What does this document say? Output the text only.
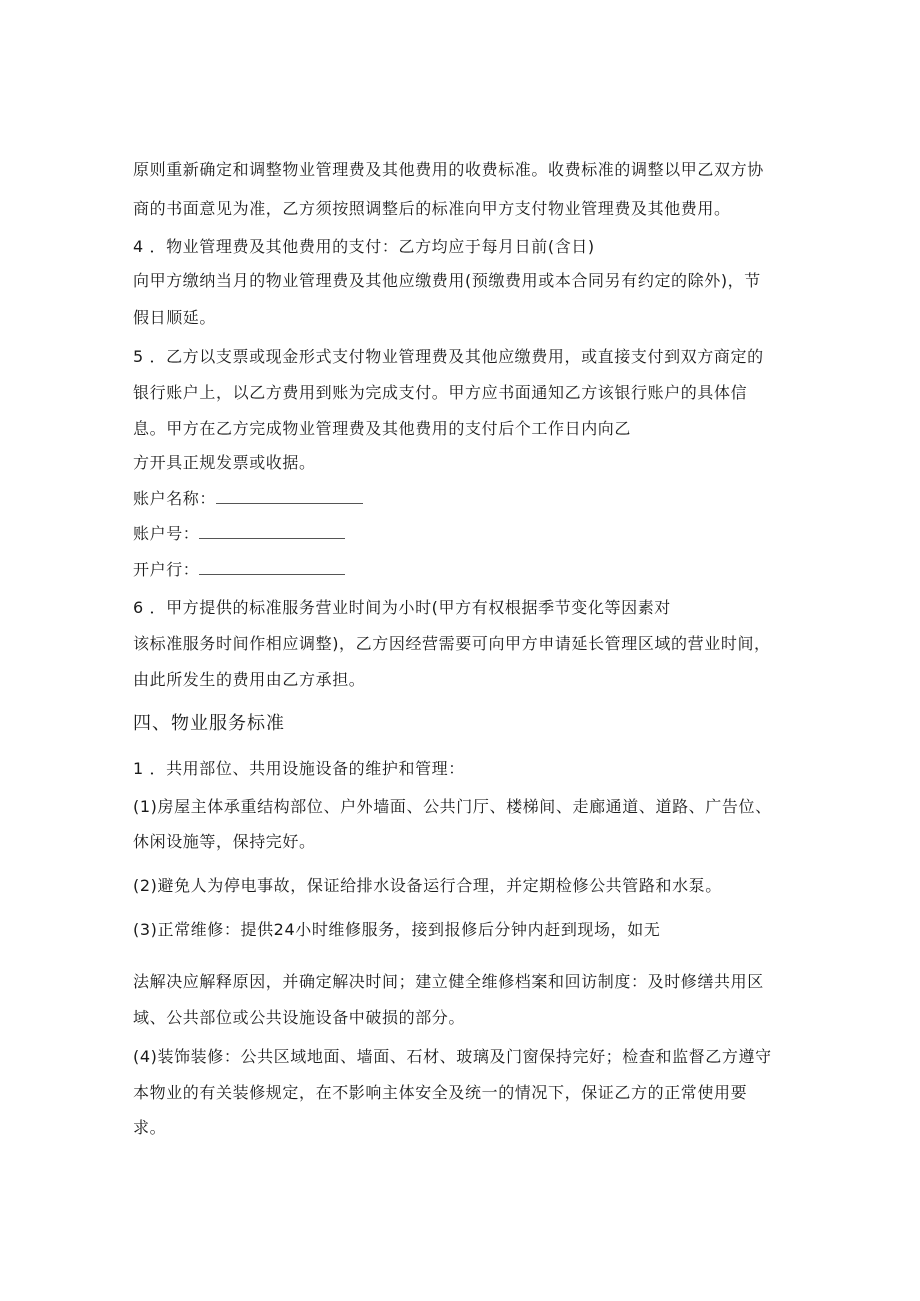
原则重新确定和调整物业管理费及其他费用的收费标准。收费标准的调整以甲乙双方协
商的书面意见为准，乙方须按照调整后的标准向甲方支付物业管理费及其他费用。
4 ．物业管理费及其他费用的支付：乙方均应于每月日前(含日)
向甲方缴纳当月的物业管理费及其他应缴费用(预缴费用或本合同另有约定的除外)，节
假日顺延。
5 ．乙方以支票或现金形式支付物业管理费及其他应缴费用，或直接支付到双方商定的
银行账户上，以乙方费用到账为完成支付。甲方应书面通知乙方该银行账户的具体信
息。甲方在乙方完成物业管理费及其他费用的支付后个工作日内向乙
方开具正规发票或收据。
账户名称：
账户号：
开户行：
6 ．甲方提供的标准服务营业时间为小时(甲方有权根据季节变化等因素对
该标准服务时间作相应调整)，乙方因经营需要可向甲方申请延长管理区域的营业时间，
由此所发生的费用由乙方承担。
四、物业服务标准
1 ．共用部位、共用设施设备的维护和管理：
(1)房屋主体承重结构部位、户外墙面、公共门厅、楼梯间、走廊通道、道路、广告位、
休闲设施等，保持完好。
(2)避免人为停电事故，保证给排水设备运行合理，并定期检修公共管路和水泵。
(3)正常维修：提供24小时维修服务，接到报修后分钟内赶到现场，如无
法解决应解释原因，并确定解决时间；建立健全维修档案和回访制度：及时修缮共用区
域、公共部位或公共设施设备中破损的部分。
(4)装饰装修：公共区域地面、墙面、石材、玻璃及门窗保持完好；检查和监督乙方遵守
本物业的有关装修规定，在不影响主体安全及统一的情况下，保证乙方的正常使用要
求。
